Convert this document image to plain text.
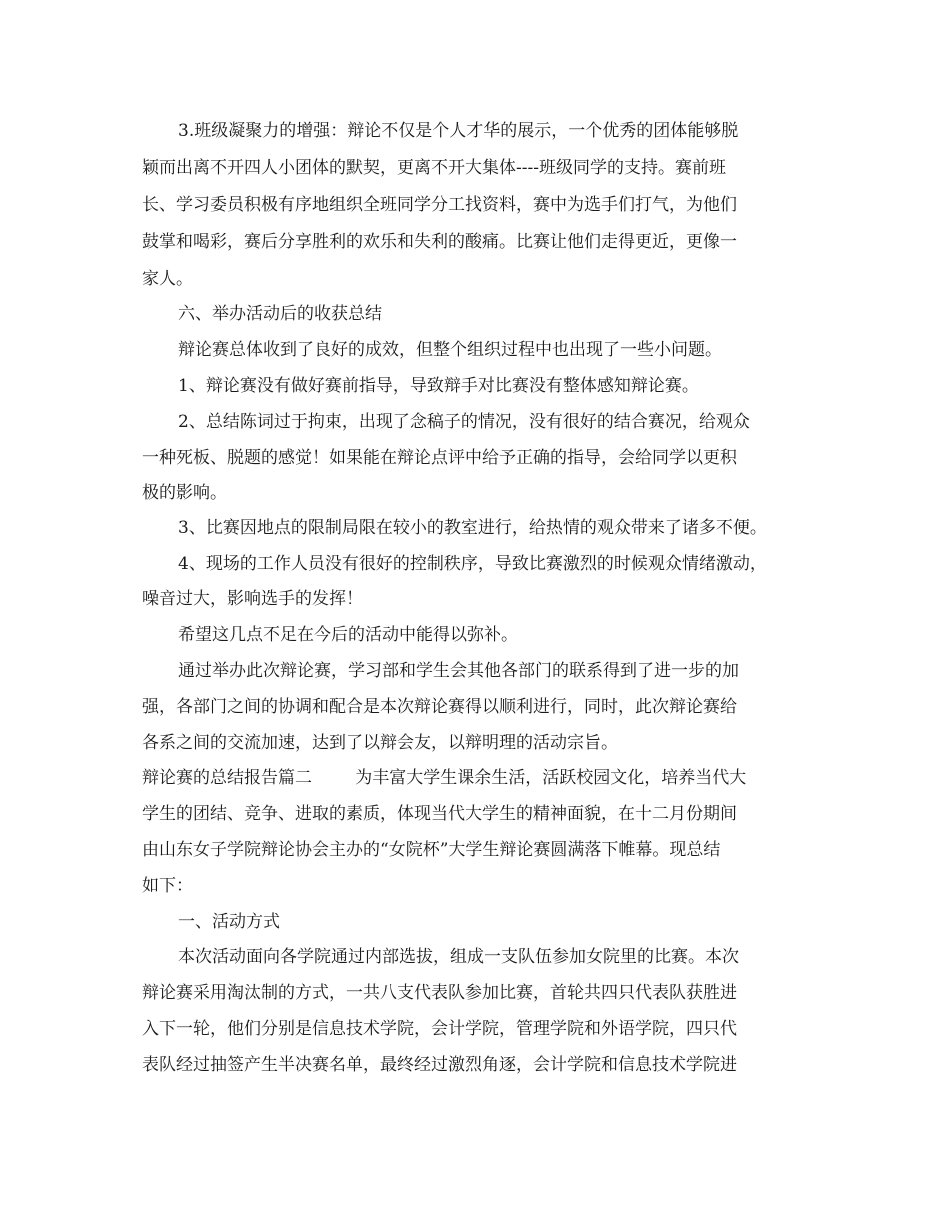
3.班级凝聚力的增强：辩论不仅是个人才华的展示，一个优秀的团体能够脱
颖而出离不开四人小团体的默契，更离不开大集体----班级同学的支持。赛前班
长、学习委员积极有序地组织全班同学分工找资料，赛中为选手们打气，为他们
鼓掌和喝彩，赛后分享胜利的欢乐和失利的酸痛。比赛让他们走得更近，更像一
家人。
六、举办活动后的收获总结
辩论赛总体收到了良好的成效，但整个组织过程中也出现了一些小问题。
1、辩论赛没有做好赛前指导，导致辩手对比赛没有整体感知辩论赛。
2、总结陈词过于拘束，出现了念稿子的情况，没有很好的结合赛况，给观众
一种死板、脱题的感觉！如果能在辩论点评中给予正确的指导，会给同学以更积
极的影响。
3、比赛因地点的限制局限在较小的教室进行，给热情的观众带来了诸多不便。
4、现场的工作人员没有很好的控制秩序，导致比赛激烈的时候观众情绪激动，
噪音过大，影响选手的发挥！
希望这几点不足在今后的活动中能得以弥补。
通过举办此次辩论赛，学习部和学生会其他各部门的联系得到了进一步的加
强，各部门之间的协调和配合是本次辩论赛得以顺利进行，同时，此次辩论赛给
各系之间的交流加速，达到了以辩会友，以辩明理的活动宗旨。
辩论赛的总结报告篇二        为丰富大学生课余生活，活跃校园文化，培养当代大
学生的团结、竞争、进取的素质，体现当代大学生的精神面貌，在十二月份期间
由山东女子学院辩论协会主办的“女院杯”大学生辩论赛圆满落下帷幕。现总结
如下：
一、活动方式
本次活动面向各学院通过内部选拔，组成一支队伍参加女院里的比赛。本次
辩论赛采用淘汰制的方式，一共八支代表队参加比赛，首轮共四只代表队获胜进
入下一轮，他们分别是信息技术学院，会计学院，管理学院和外语学院，四只代
表队经过抽签产生半决赛名单，最终经过激烈角逐，会计学院和信息技术学院进
